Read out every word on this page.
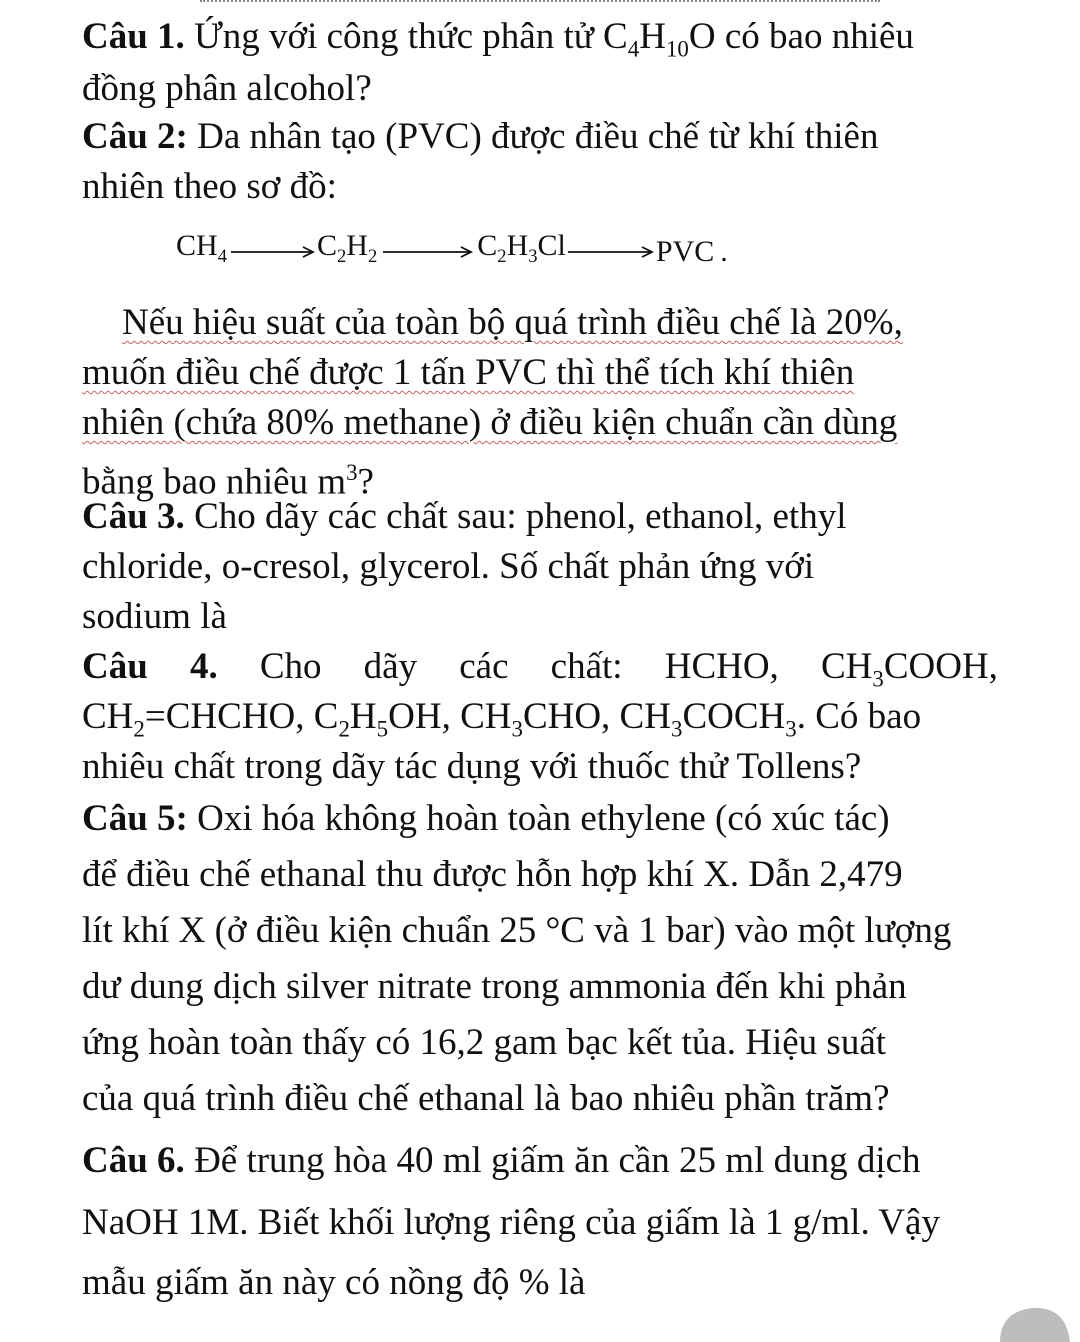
Câu 1. Ứng với công thức phân tử $C_4H_{10}O$ có bao nhiêu
đồng phân alcohol?
Câu 2: Da nhân tạo (PVC) được điều chế từ khí thiên
nhiên theo sơ đồ:
$CH_4$	$C_2H_2$	$C_2H_3Cl$	PVC .
Nếu hiệu suất của toàn bộ quá trình điều chế là 20%,
muốn điều chế được 1 tấn PVC thì thể tích khí thiên
nhiên (chứa 80% methane) ở điều kiện chuẩn cần dùng
bằng bao nhiêu $m^3$?
Câu 3. Cho dãy các chất sau: phenol, ethanol, ethyl
chloride, o-cresol, glycerol. Số chất phản ứng với
sodium là
Câu 4. Cho dãy các chất: HCHO, $CH_3COOH$,
$CH_2=CHCHO$, $C_2H_5OH$, $CH_3CHO$, $CH_3COCH_3$. Có bao
nhiêu chất trong dãy tác dụng với thuốc thử Tollens?
Câu 5: Oxi hóa không hoàn toàn ethylene (có xúc tác)
để điều chế ethanal thu được hỗn hợp khí X. Dẫn 2,479
lít khí X (ở điều kiện chuẩn 25 °C và 1 bar) vào một lượng
dư dung dịch silver nitrate trong ammonia đến khi phản
ứng hoàn toàn thấy có 16,2 gam bạc kết tủa. Hiệu suất
của quá trình điều chế ethanal là bao nhiêu phần trăm?
Câu 6. Để trung hòa 40 ml giấm ăn cần 25 ml dung dịch
NaOH 1M. Biết khối lượng riêng của giấm là 1 g/ml. Vậy
mẫu giấm ăn này có nồng độ % là
